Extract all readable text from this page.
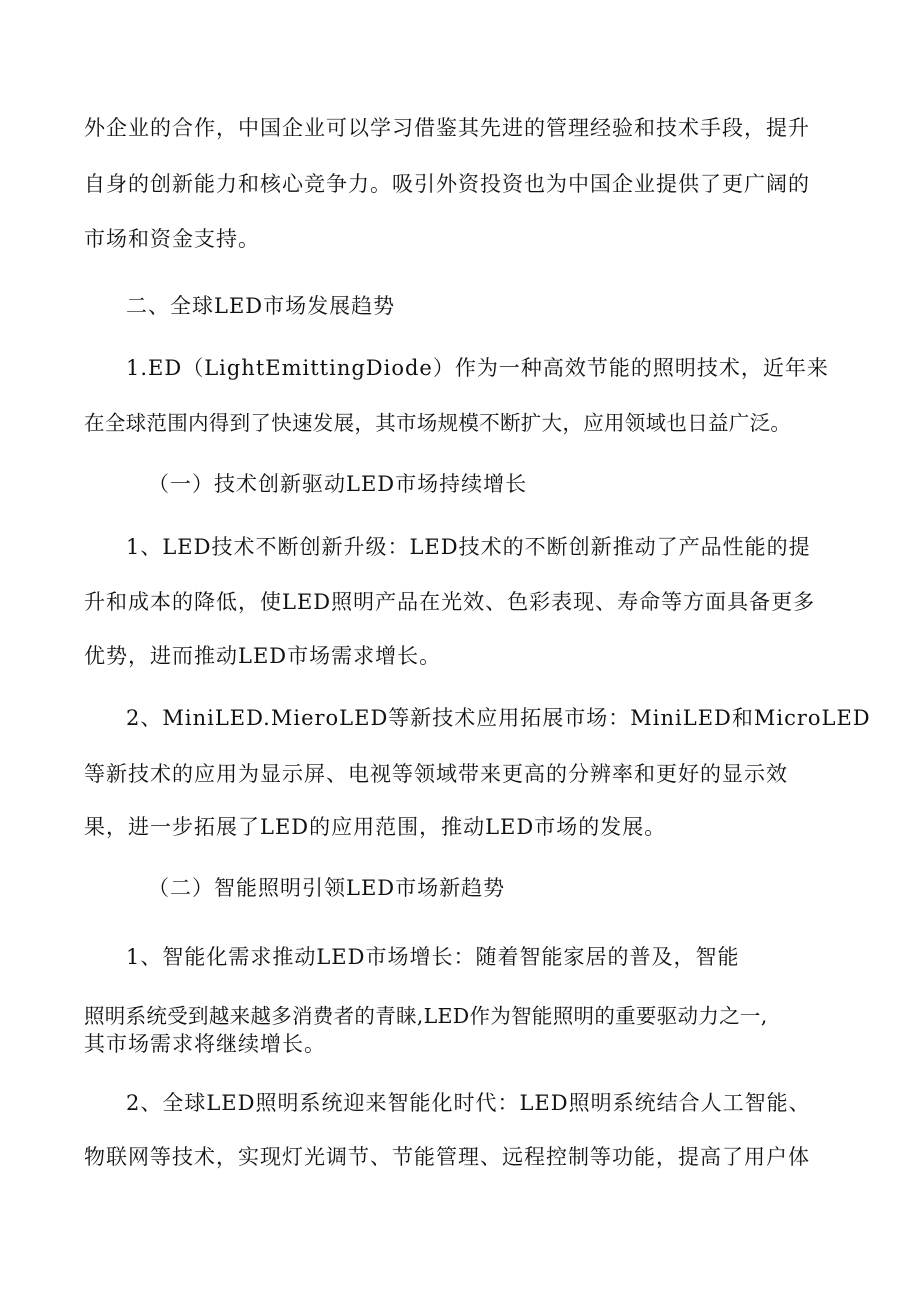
外企业的合作，中国企业可以学习借鉴其先进的管理经验和技术手段，提升
自身的创新能力和核心竞争力。吸引外资投资也为中国企业提供了更广阔的
市场和资金支持。
二、全球LED市场发展趋势
1.ED（LightEmittingDiode）作为一种高效节能的照明技术，近年来
在全球范围内得到了快速发展，其市场规模不断扩大，应用领域也日益广泛。
（一）技术创新驱动LED市场持续增长
1、LED技术不断创新升级：LED技术的不断创新推动了产品性能的提
升和成本的降低，使LED照明产品在光效、色彩表现、寿命等方面具备更多
优势，进而推动LED市场需求增长。
2、MiniLED.MieroLED等新技术应用拓展市场：MiniLED和MicroLED
等新技术的应用为显示屏、电视等领域带来更高的分辨率和更好的显示效
果，进一步拓展了LED的应用范围，推动LED市场的发展。
（二）智能照明引领LED市场新趋势
1、智能化需求推动LED市场增长：随着智能家居的普及，智能
照明系统受到越来越多消费者的青睐,LED作为智能照明的重要驱动力之一,
其市场需求将继续增长。
2、全球LED照明系统迎来智能化时代：LED照明系统结合人工智能、
物联网等技术，实现灯光调节、节能管理、远程控制等功能，提高了用户体
